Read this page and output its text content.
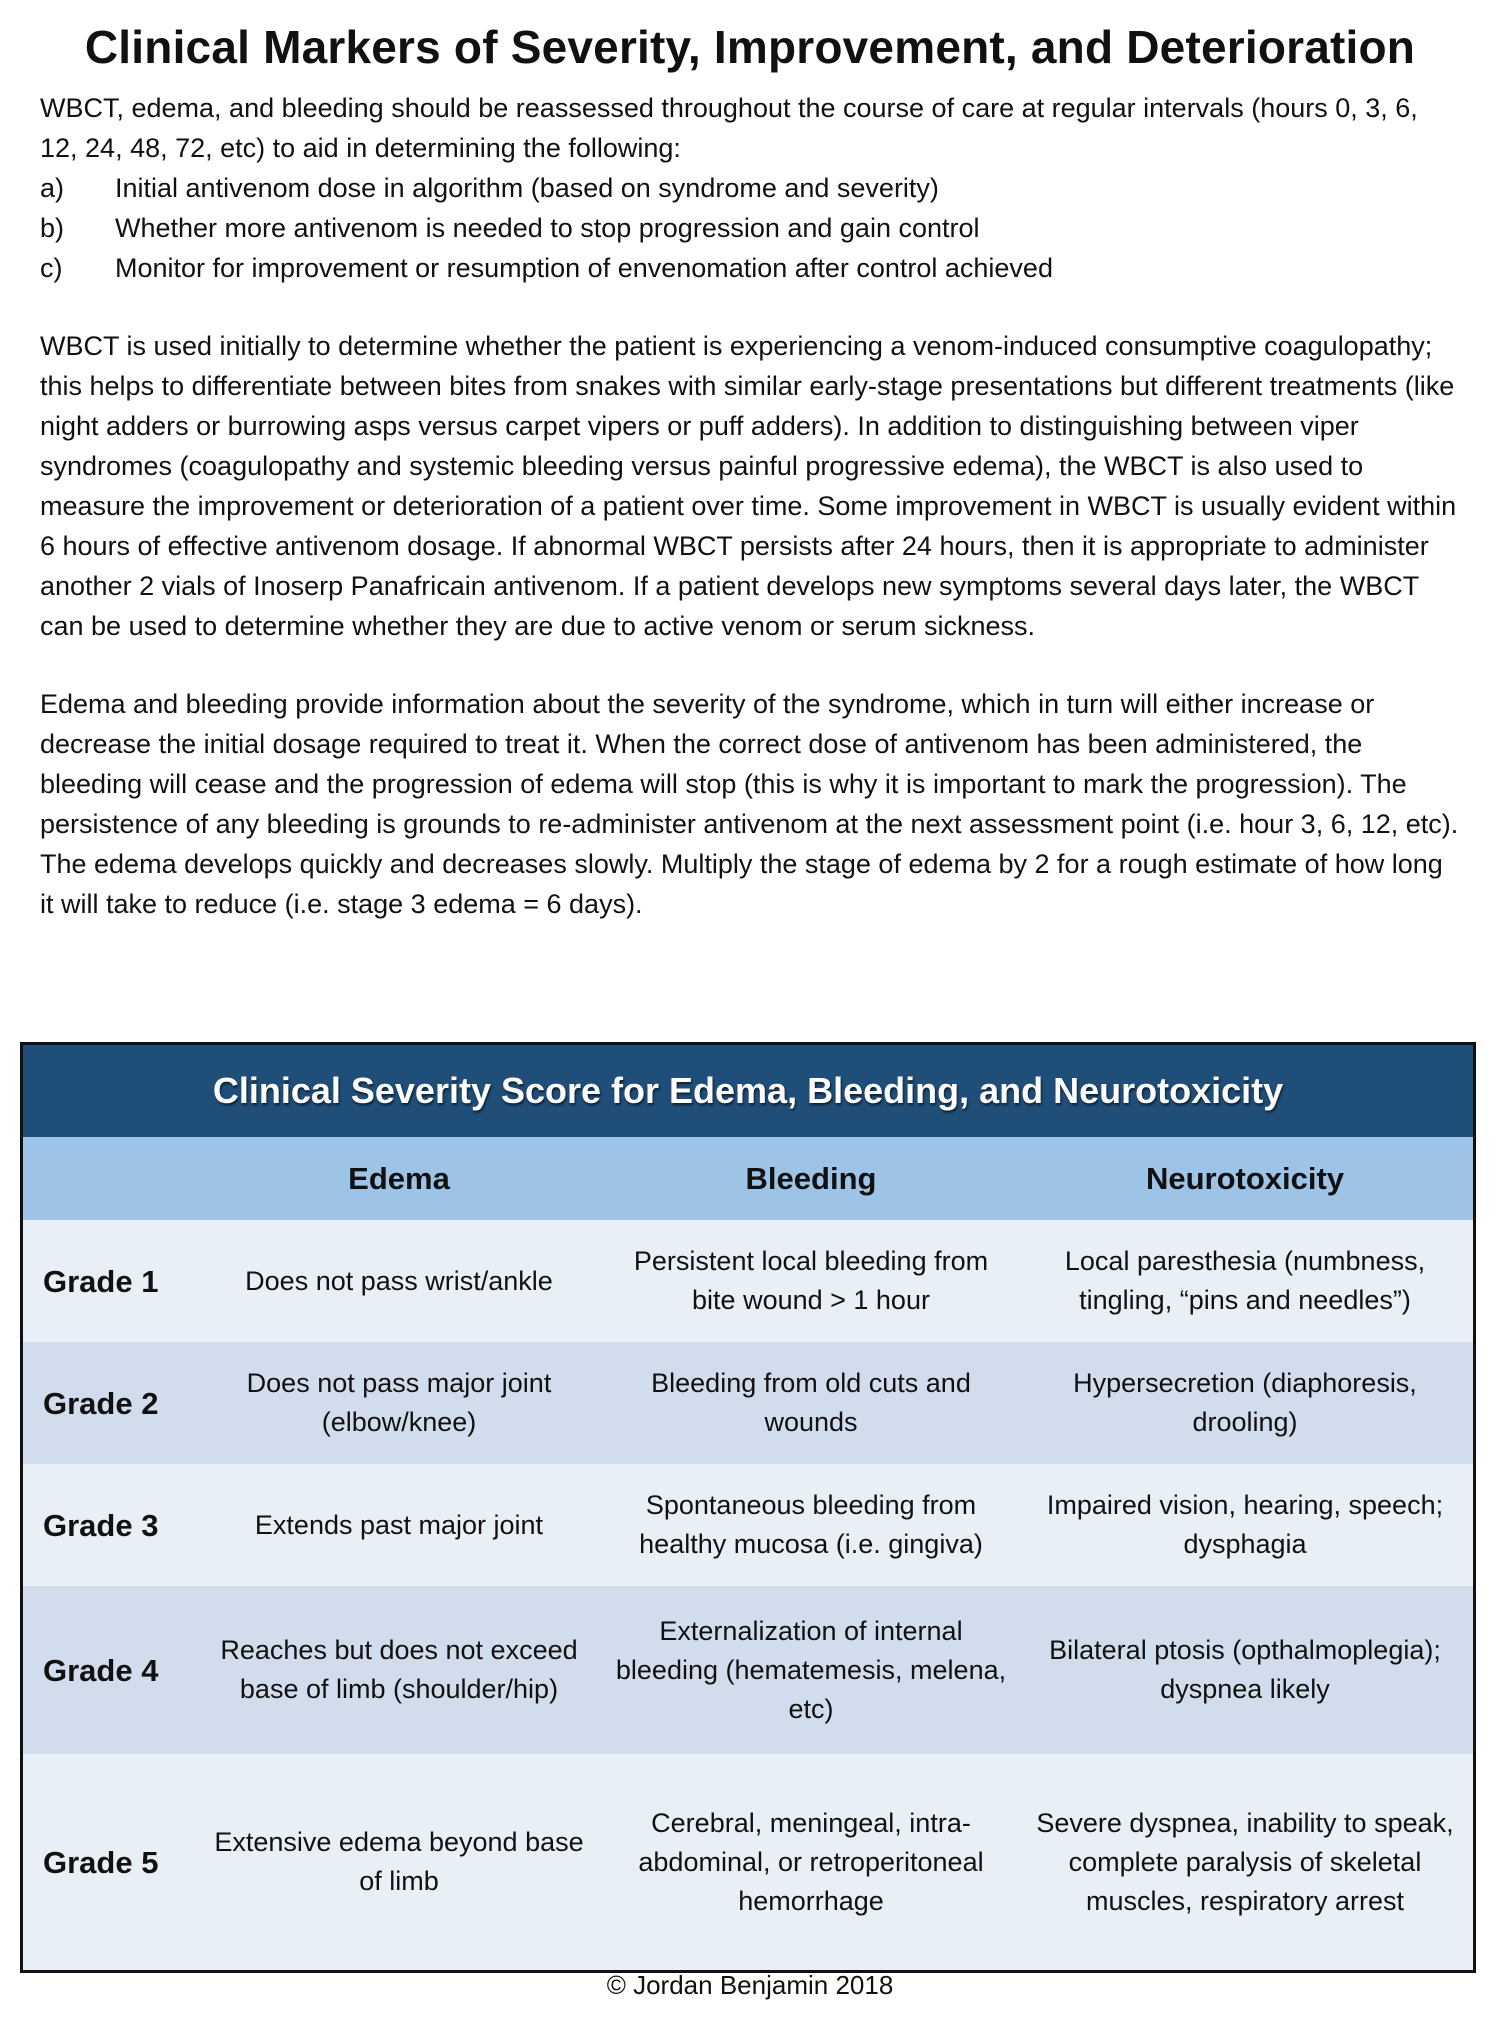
Clinical Markers of Severity, Improvement, and Deterioration
WBCT, edema, and bleeding should be reassessed throughout the course of care at regular intervals (hours 0, 3, 6, 12, 24, 48, 72, etc) to aid in determining the following:
a)	Initial antivenom dose in algorithm (based on syndrome and severity)
b)	Whether more antivenom is needed to stop progression and gain control
c)	Monitor for improvement or resumption of envenomation after control achieved

WBCT is used initially to determine whether the patient is experiencing a venom-induced consumptive coagulopathy; this helps to differentiate between bites from snakes with similar early-stage presentations but different treatments (like night adders or burrowing asps versus carpet vipers or puff adders). In addition to distinguishing between viper syndromes (coagulopathy and systemic bleeding versus painful progressive edema), the WBCT is also used to measure the improvement or deterioration of a patient over time. Some improvement in WBCT is usually evident within 6 hours of effective antivenom dosage. If abnormal WBCT persists after 24 hours, then it is appropriate to administer another 2 vials of Inoserp Panafricain antivenom. If a patient develops new symptoms several days later, the WBCT can be used to determine whether they are due to active venom or serum sickness.

Edema and bleeding provide information about the severity of the syndrome, which in turn will either increase or decrease the initial dosage required to treat it. When the correct dose of antivenom has been administered, the bleeding will cease and the progression of edema will stop (this is why it is important to mark the progression). The persistence of any bleeding is grounds to re-administer antivenom at the next assessment point (i.e. hour 3, 6, 12, etc). The edema develops quickly and decreases slowly. Multiply the stage of edema by 2 for a rough estimate of how long it will take to reduce (i.e. stage 3 edema = 6 days).

Clinical Severity Score for Edema, Bleeding, and Neurotoxicity
	Edema	Bleeding	Neurotoxicity
Grade 1	Does not pass wrist/ankle	Persistent local bleeding from bite wound > 1 hour	Local paresthesia (numbness, tingling, “pins and needles”)
Grade 2	Does not pass major joint (elbow/knee)	Bleeding from old cuts and wounds	Hypersecretion (diaphoresis, drooling)
Grade 3	Extends past major joint	Spontaneous bleeding from healthy mucosa (i.e. gingiva)	Impaired vision, hearing, speech; dysphagia
Grade 4	Reaches but does not exceed base of limb (shoulder/hip)	Externalization of internal bleeding (hematemesis, melena, etc)	Bilateral ptosis (opthalmoplegia); dyspnea likely
Grade 5	Extensive edema beyond base of limb	Cerebral, meningeal, intra-abdominal, or retroperitoneal hemorrhage	Severe dyspnea, inability to speak, complete paralysis of skeletal muscles, respiratory arrest
© Jordan Benjamin 2018
